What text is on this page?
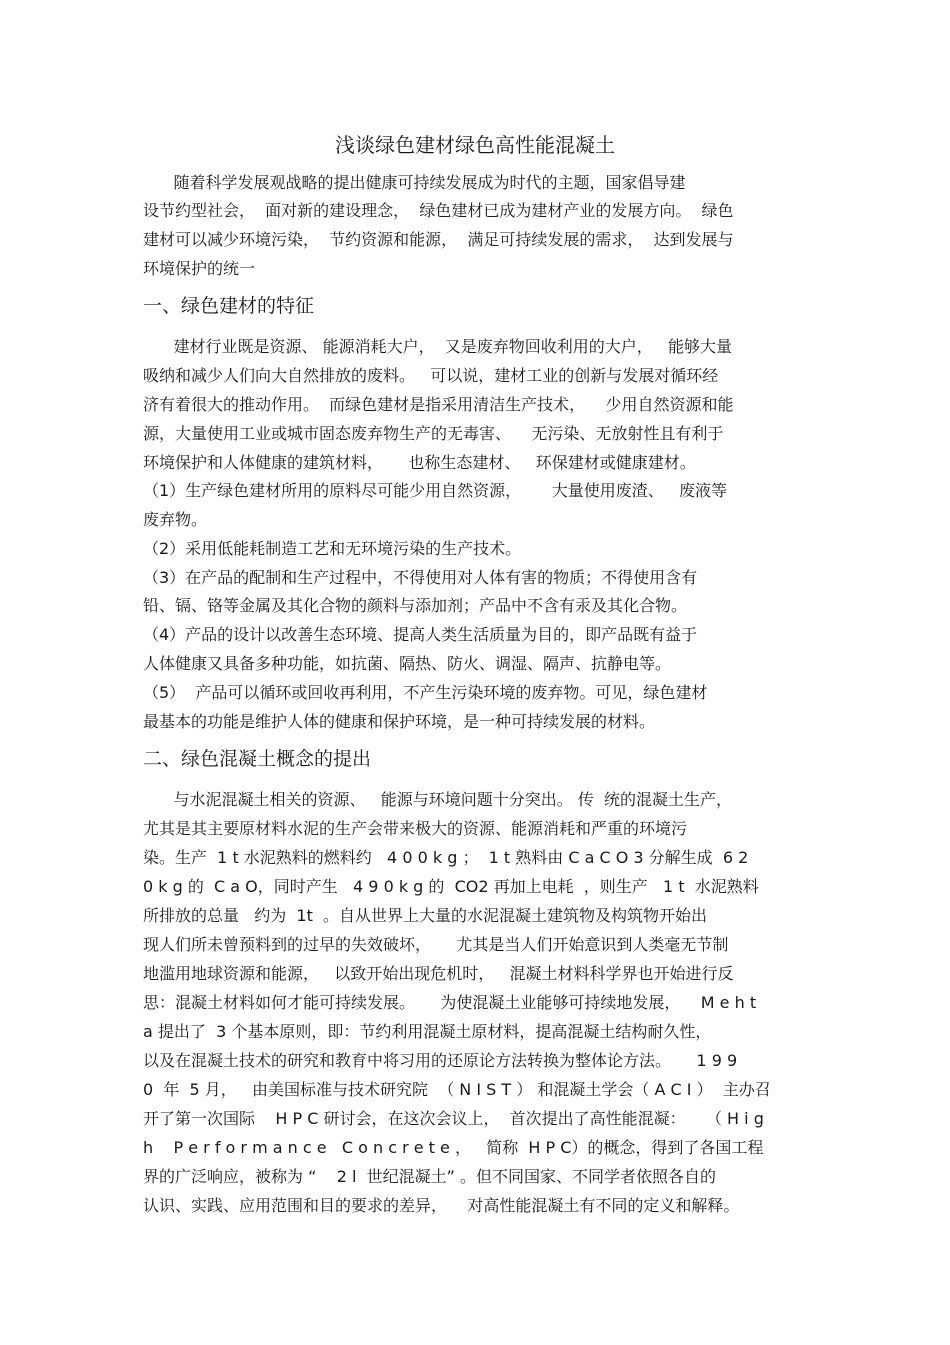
浅谈绿色建材绿色高性能混凝土
随着科学发展观战略的提出健康可持续发展成为时代的主题，国家倡导建
设节约型社会，  面对新的建设理念，  绿色建材已成为建材产业的发展方向。  绿色
建材可以减少环境污染，  节约资源和能源，  满足可持续发展的需求，  达到发展与
环境保护的统一
一、绿色建材的特征
建材行业既是资源、 能源消耗大户，  又是废弃物回收利用的大户，   能够大量
吸纳和减少人们向大自然排放的废料。   可以说，建材工业的创新与发展对循环经
济有着很大的推动作用。  而绿色建材是指采用清洁生产技术，    少用自然资源和能
源，大量使用工业或城市固态废弃物生产的无毒害、    无污染、无放射性且有利于
环境保护和人体健康的建筑材料，     也称生态建材、   环保建材或健康建材。
（1）生产绿色建材所用的原料尽可能少用自然资源，      大量使用废渣、   废液等
废弃物。
（2）采用低能耗制造工艺和无环境污染的生产技术。
（3）在产品的配制和生产过程中，不得使用对人体有害的物质；不得使用含有
铅、镉、铬等金属及其化合物的颜料与添加剂；产品中不含有汞及其化合物。
（4）产品的设计以改善生态环境、提高人类生活质量为目的，即产品既有益于
人体健康又具备多种功能，如抗菌、隔热、防火、调湿、隔声、抗静电等。
（5）  产品可以循环或回收再利用，不产生污染环境的废弃物。可见，绿色建材
最基本的功能是维护人体的健康和保护环境，是一种可持续发展的材料。
二、绿色混凝土概念的提出
与水泥混凝土相关的资源、   能源与环境问题十分突出。 传  统的混凝土生产，
尤其是其主要原材料水泥的生产会带来极大的资源、能源消耗和严重的环境污
染。生产  1 t 水泥熟料的燃料约   4 0 0 k g ；  1 t 熟料由 C a C O 3 分解生成  6 2
0 k g 的  C a O，同时产生   4 9 0 k g 的  CO2 再加上电耗  ，则生产   1 t  水泥熟料
所排放的总量   约为  1t  。自从世界上大量的水泥混凝土建筑物及构筑物开始出
现人们所未曾预料到的过早的失效破坏，     尤其是当人们开始意识到人类毫无节制
地滥用地球资源和能源，   以致开始出现危机时，   混凝土材料科学界也开始进行反
思：混凝土材料如何才能可持续发展。     为使混凝土业能够可持续地发展，    M e h t
a 提出了  3 个基本原则，即：节约利用混凝土原材料，提高混凝土结构耐久性，
以及在混凝土技术的研究和教育中将习用的还原论方法转换为整体论方法。     1 9 9
0  年  5 月，   由美国标准与技术研究院  （ N I S T ） 和混凝土学会（ A C I ）  主办召
开了第一次国际    H P C 研讨会，在这次会议上，  首次提出了高性能混凝：    （ H i g
h    P e r f o r m a n c e   C o n c r e t e ，   简称  H P C）的概念，得到了各国工程
界的广泛响应，被称为 “    2 l  世纪混凝土” 。但不同国家、不同学者依照各自的
认识、实践、应用范围和目的要求的差异，    对高性能混凝土有不同的定义和解释。
